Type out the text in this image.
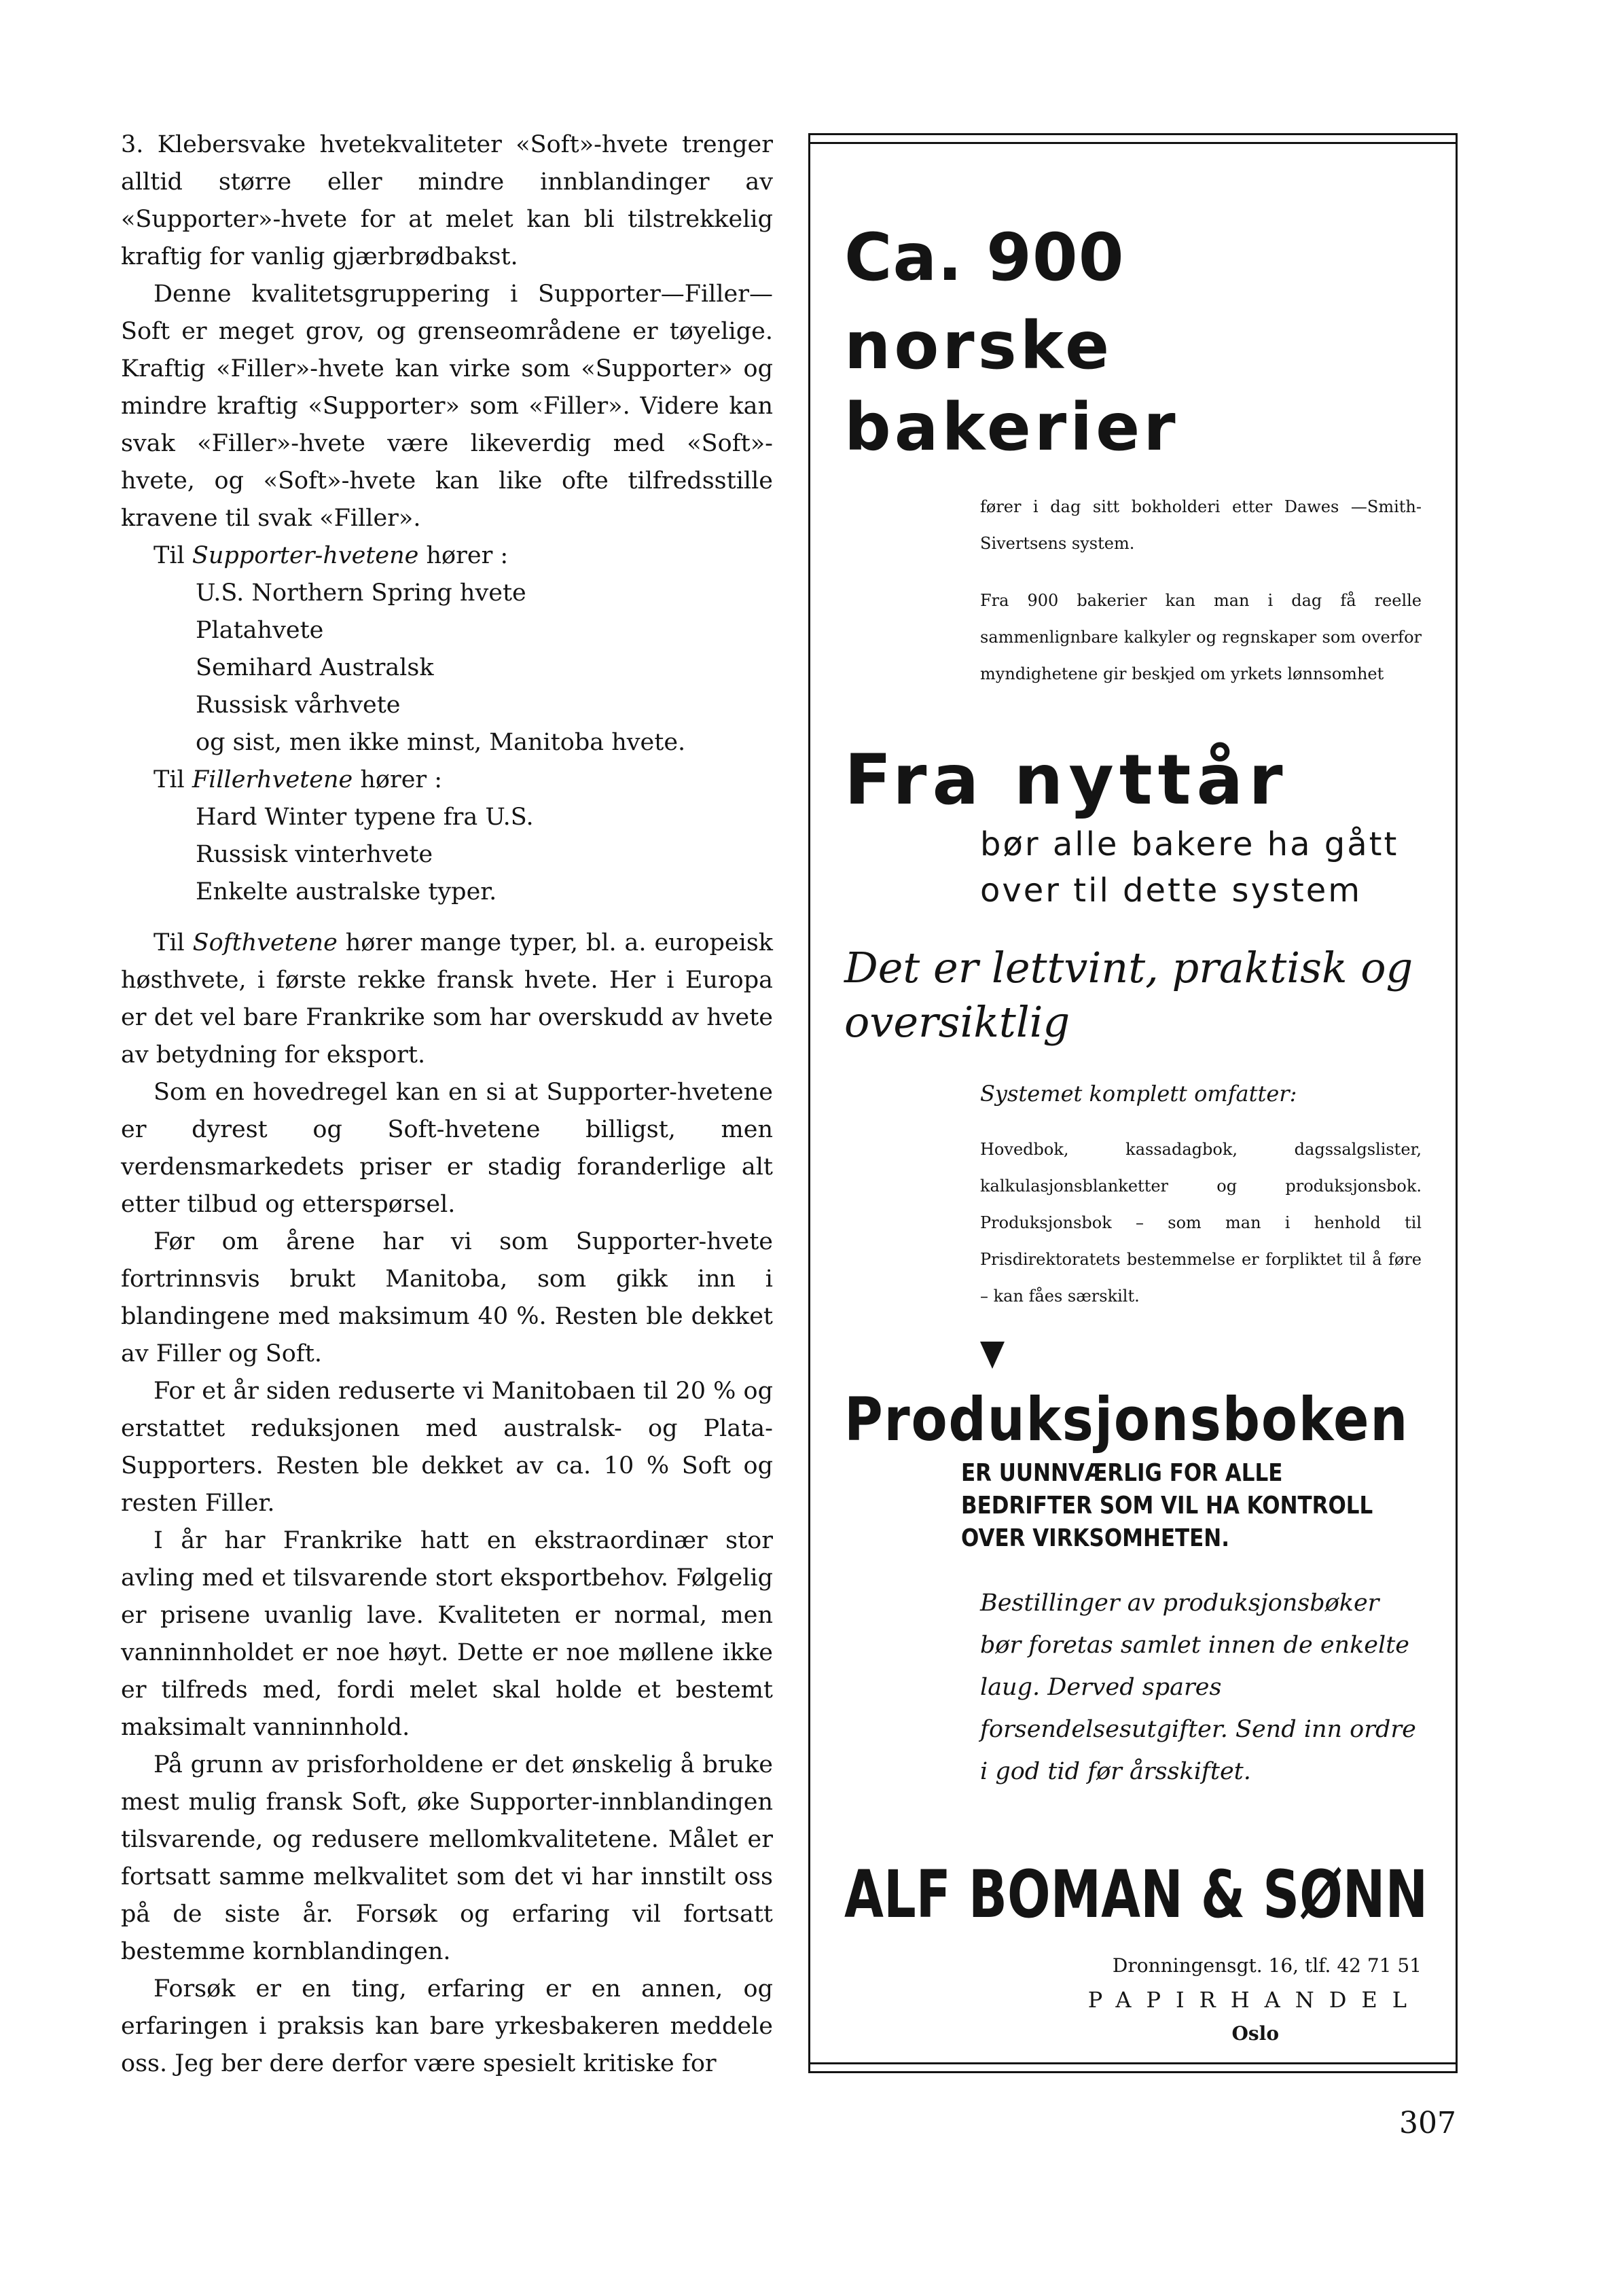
3. Klebersvake hvetekvaliteter «Soft»-hvete trenger alltid større eller mindre innblandinger av «Supporter»-hvete for at melet kan bli tilstrekkelig kraftig for vanlig gjærbrødbakst.

Denne kvalitetsgruppering i Supporter—Filler—Soft er meget grov, og grenseområdene er tøyelige. Kraftig «Filler»-hvete kan virke som «Supporter» og mindre kraftig «Supporter» som «Filler». Videre kan svak «Filler»-hvete være likeverdig med «Soft»-hvete, og «Soft»-hvete kan like ofte tilfredsstille kravene til svak «Filler».

Til Supporter-hvetene hører :

U.S. Northern Spring hvete

Platahvete

Semihard Australsk

Russisk vårhvete

og sist, men ikke minst, Manitoba hvete.

Til Fillerhvetene hører :

Hard Winter typene fra U.S.

Russisk vinterhvete

Enkelte australske typer.

Til Softhvetene hører mange typer, bl. a. europeisk høsthvete, i første rekke fransk hvete. Her i Europa er det vel bare Frankrike som har overskudd av hvete av betydning for eksport.

Som en hovedregel kan en si at Supporter-hvetene er dyrest og Soft-hvetene billigst, men verdensmarkedets priser er stadig foranderlige alt etter tilbud og etterspørsel.

Før om årene har vi som Supporter-hvete fortrinnsvis brukt Manitoba, som gikk inn i blandingene med maksimum 40 %. Resten ble dekket av Filler og Soft.

For et år siden reduserte vi Manitobaen til 20 % og erstattet reduksjonen med australsk- og Plata-Supporters. Resten ble dekket av ca. 10 % Soft og resten Filler.

I år har Frankrike hatt en ekstraordinær stor avling med et tilsvarende stort eksportbehov. Følgelig er prisene uvanlig lave. Kvaliteten er normal, men vanninnholdet er noe høyt. Dette er noe møllene ikke er tilfreds med, fordi melet skal holde et bestemt maksimalt vanninnhold.

På grunn av prisforholdene er det ønskelig å bruke mest mulig fransk Soft, øke Supporter-innblandingen tilsvarende, og redusere mellomkvalitetene. Målet er fortsatt samme melkvalitet som det vi har innstilt oss på de siste år. Forsøk og erfaring vil fortsatt bestemme kornblandingen.

Forsøk er en ting, erfaring er en annen, og erfaringen i praksis kan bare yrkesbakeren meddele oss. Jeg ber dere derfor være spesielt kritiske for

Ca. 900

norske bakerier

fører i dag sitt bokholderi etter Dawes —Smith-Sivertsens system.

Fra 900 bakerier kan man i dag få reelle sammenlignbare kalkyler og regnskaper som overfor myndighetene gir beskjed om yrkets lønnsomhet

Fra nyttår

bør alle bakere ha gått

over til dette system

Det er lettvint, praktisk og oversiktlig

Systemet komplett omfatter:

Hovedbok, kassadagbok, dagssalgslister, kalkulasjonsblanketter og produksjonsbok. Produksjonsbok – som man i henhold til Prisdirektoratets bestemmelse er forpliktet til å føre – kan fåes særskilt.

Produksjonsboken

ER UUNNVÆRLIG FOR ALLE

BEDRIFTER SOM VIL HA KONTROLL

OVER VIRKSOMHETEN.

Bestillinger av produksjonsbøker bør foretas samlet innen de enkelte laug. Derved spares forsendelsesutgifter. Send inn ordre i god tid før årsskiftet.

ALF BOMAN & SØNN

Dronningensgt. 16, tlf. 42 71 51

PAPIRHANDEL

Oslo

307
